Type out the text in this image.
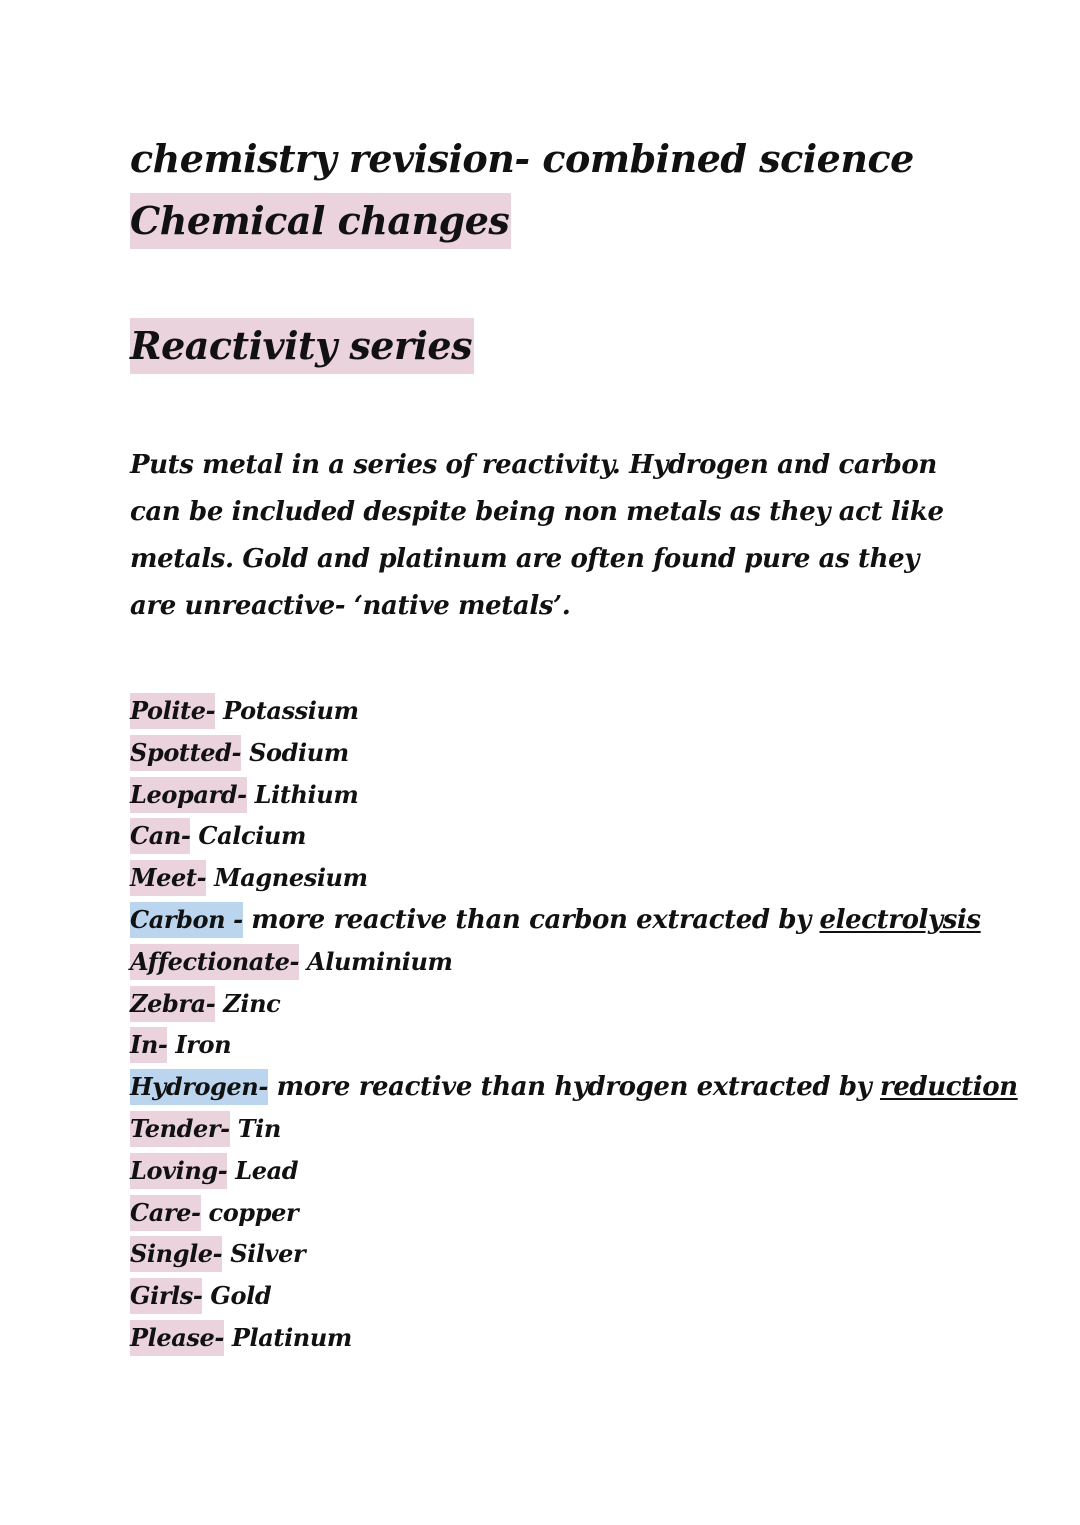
chemistry revision- combined science
Chemical changes
Reactivity series
Puts metal in a series of reactivity. Hydrogen and carbon can be included despite being non metals as they act like metals. Gold and platinum are often found pure as they are unreactive- ‘native metals’.
Polite- Potassium
Spotted- Sodium
Leopard- Lithium
Can- Calcium
Meet- Magnesium
Carbon - more reactive than carbon extracted by electrolysis
Affectionate- Aluminium
Zebra- Zinc
In- Iron
Hydrogen- more reactive than hydrogen extracted by reduction
Tender- Tin
Loving- Lead
Care- copper
Single- Silver
Girls- Gold
Please- Platinum
